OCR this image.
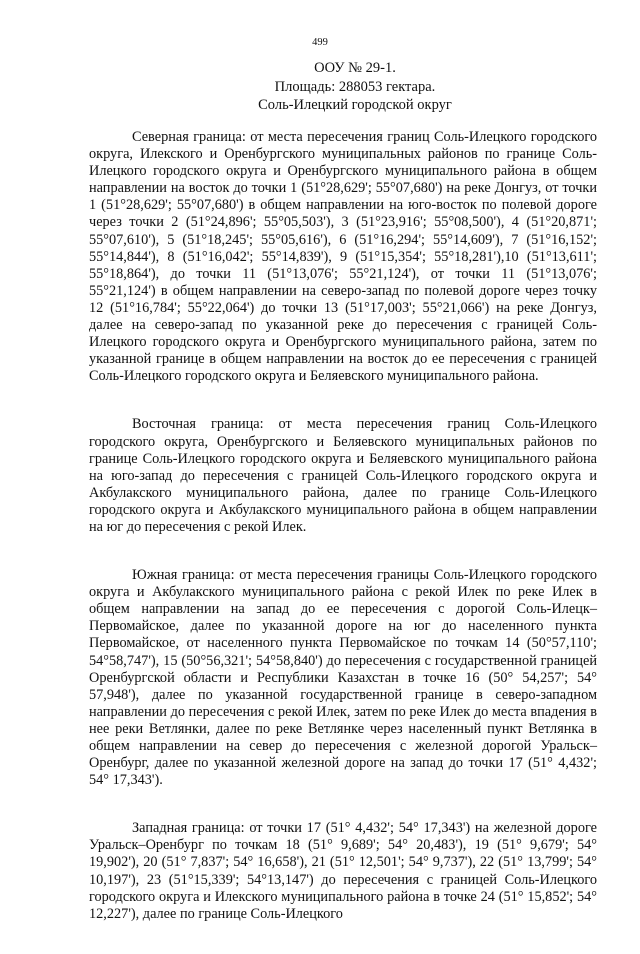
499
ООУ № 29-1.
Площадь: 288053 гектара.
Соль-Илецкий городской округ

Северная граница: от места пересечения границ Соль-Илецкого городского округа, Илекского и Оренбургского муниципальных районов по границе Соль-Илецкого городского округа и Оренбургского муниципального района в общем направлении на восток до точки 1 (51°28,629'; 55°07,680') на реке Донгуз, от точки 1 (51°28,629'; 55°07,680') в общем направлении на юго-восток по полевой дороге через точки 2 (51°24,896'; 55°05,503'), 3 (51°23,916'; 55°08,500'), 4 (51°20,871'; 55°07,610'), 5 (51°18,245'; 55°05,616'), 6 (51°16,294'; 55°14,609'), 7 (51°16,152'; 55°14,844'), 8 (51°16,042'; 55°14,839'), 9 (51°15,354'; 55°18,281'),10 (51°13,611'; 55°18,864'), до точки 11 (51°13,076'; 55°21,124'), от точки 11 (51°13,076'; 55°21,124') в общем направлении на северо-запад по полевой дороге через точку 12 (51°16,784'; 55°22,064') до точки 13 (51°17,003'; 55°21,066') на реке Донгуз, далее на северо-запад по указанной реке до пересечения с границей Соль-Илецкого городского округа и Оренбургского муниципального района, затем по указанной границе в общем направлении на восток до ее пересечения с границей Соль-Илецкого городского округа и Беляевского муниципального района.

Восточная граница: от места пересечения границ Соль-Илецкого городского округа, Оренбургского и Беляевского муниципальных районов по границе Соль-Илецкого городского округа и Беляевского муниципального района на юго-запад до пересечения с границей Соль-Илецкого городского округа и Акбулакского муниципального района, далее по границе Соль-Илецкого городского округа и Акбулакского муниципального района в общем направлении на юг до пересечения с рекой Илек.

Южная граница: от места пересечения границы Соль-Илецкого городского округа и Акбулакского муниципального района с рекой Илек по реке Илек в общем направлении на запад до ее пересечения с дорогой Соль-Илецк–Первомайское, далее по указанной дороге на юг до населенного пункта Первомайское, от населенного пункта Первомайское по точкам 14 (50°57,110'; 54°58,747'), 15 (50°56,321'; 54°58,840') до пересечения с государственной границей Оренбургской области и Республики Казахстан в точке 16 (50° 54,257'; 54° 57,948'), далее по указанной государственной границе в северо-западном направлении до пересечения с рекой Илек, затем по реке Илек до места впадения в нее реки Ветлянки, далее по реке Ветлянке через населенный пункт Ветлянка в общем направлении на север до пересечения с железной дорогой Уральск–Оренбург, далее по указанной железной дороге на запад до точки 17 (51° 4,432'; 54° 17,343').

Западная граница: от точки 17 (51° 4,432'; 54° 17,343') на железной дороге Уральск–Оренбург по точкам 18 (51° 9,689'; 54° 20,483'), 19 (51° 9,679'; 54° 19,902'), 20 (51° 7,837'; 54° 16,658'), 21 (51° 12,501'; 54° 9,737'), 22 (51° 13,799'; 54° 10,197'), 23 (51°15,339'; 54°13,147') до пересечения с границей Соль-Илецкого городского округа и Илекского муниципального района в точке 24 (51° 15,852'; 54° 12,227'), далее по границе Соль-Илецкого
